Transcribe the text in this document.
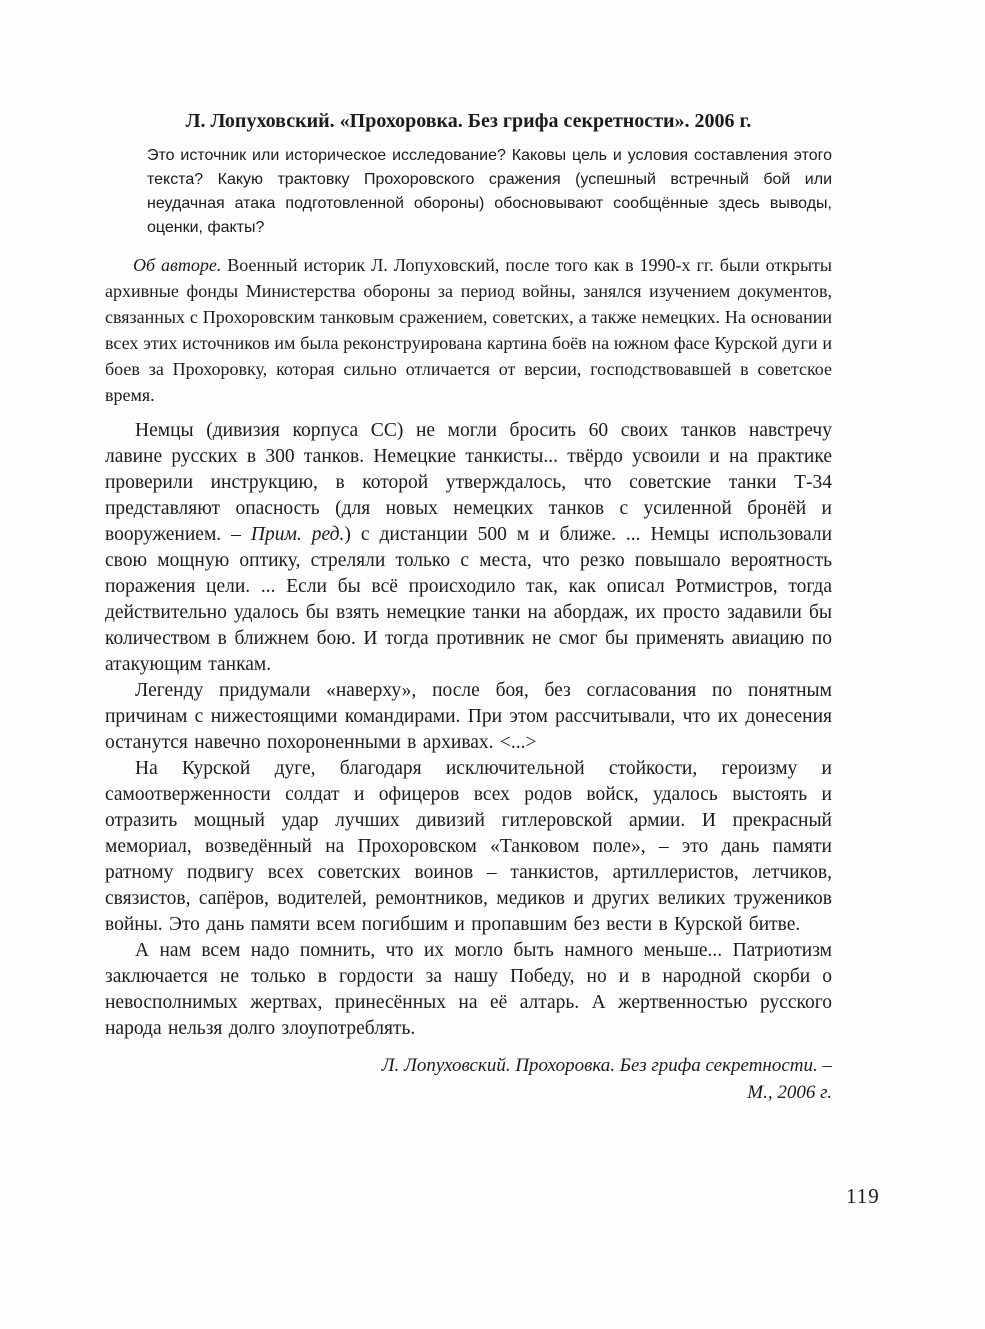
Л. Лопуховский. «Прохоровка. Без грифа секретности». 2006 г.

Это источник или историческое исследование? Каковы цель и условия составления этого текста? Какую трактовку Прохоровского сражения (успешный встречный бой или неудачная атака подготовленной обороны) обосновывают сообщённые здесь выводы, оценки, факты?

Об авторе. Военный историк Л. Лопуховский, после того как в 1990-х гг. были открыты архивные фонды Министерства обороны за период войны, занялся изучением документов, связанных с Прохоровским танковым сражением, советских, а также немецких. На основании всех этих источников им была реконструирована картина боёв на южном фасе Курской дуги и боев за Прохоровку, которая сильно отличается от версии, господствовавшей в советское время.

Немцы (дивизия корпуса СС) не могли бросить 60 своих танков навстречу лавине русских в 300 танков. Немецкие танкисты... твёрдо усвоили и на практике проверили инструкцию, в которой утверждалось, что советские танки Т-34 представляют опасность (для новых немецких танков с усиленной бронёй и вооружением. – Прим. ред.) с дистанции 500 м и ближе. ... Немцы использовали свою мощную оптику, стреляли только с места, что резко повышало вероятность поражения цели. ... Если бы всё происходило так, как описал Ротмистров, тогда действительно удалось бы взять немецкие танки на абордаж, их просто задавили бы количеством в ближнем бою. И тогда противник не смог бы применять авиацию по атакующим танкам.

Легенду придумали «наверху», после боя, без согласования по понятным причинам с нижестоящими командирами. При этом рассчитывали, что их донесения останутся навечно похороненными в архивах. <...>

На Курской дуге, благодаря исключительной стойкости, героизму и самоотверженности солдат и офицеров всех родов войск, удалось выстоять и отразить мощный удар лучших дивизий гитлеровской армии. И прекрасный мемориал, возведённый на Прохоровском «Танковом поле», – это дань памяти ратному подвигу всех советских воинов – танкистов, артиллеристов, летчиков, связистов, сапёров, водителей, ремонтников, медиков и других великих тружеников войны. Это дань памяти всем погибшим и пропавшим без вести в Курской битве.

А нам всем надо помнить, что их могло быть намного меньше... Патриотизм заключается не только в гордости за нашу Победу, но и в народной скорби о невосполнимых жертвах, принесённых на её алтарь. А жертвенностью русского народа нельзя долго злоупотреблять.

Л. Лопуховский. Прохоровка. Без грифа секретности. –
М., 2006 г.

119
